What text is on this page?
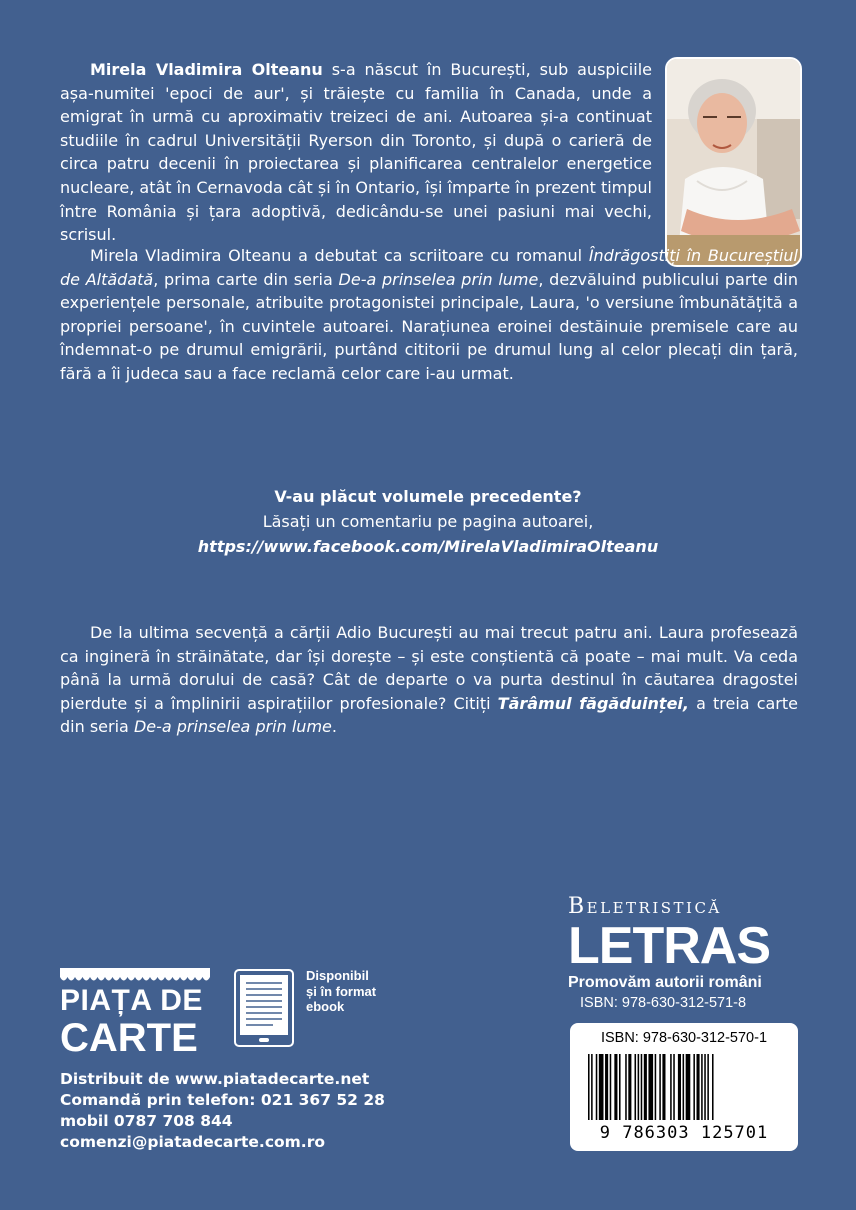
Mirela Vladimira Olteanu s-a născut în București, sub auspiciile așa-numitei 'epoci de aur', și trăiește cu familia în Canada, unde a emigrat în urmă cu aproximativ treizeci de ani. Autoarea și-a continuat studiile în cadrul Universității Ryerson din Toronto, și după o carieră de circa patru decenii în proiectarea și planificarea centralelor energetice nucleare, atât în Cernavoda cât și în Ontario, își împarte în prezent timpul între România și țara adoptivă, dedicându-se unei pasiuni mai vechi, scrisul.

Mirela Vladimira Olteanu a debutat ca scriitoare cu romanul Îndrăgostiți în Bucureștiul de Altădată, prima carte din seria De-a prinselea prin lume, dezvăluind publicului parte din experiențele personale, atribuite protagonistei principale, Laura, 'o versiune îmbunătățită a propriei persoane', în cuvintele autoarei. Narațiunea eroinei destăinuie premisele care au îndemnat-o pe drumul emigrării, purtând cititorii pe drumul lung al celor plecați din țară, fără a îi judeca sau a face reclamă celor care i-au urmat.

V-au plăcut volumele precedente?
Lăsați un comentariu pe pagina autoarei,
https://www.facebook.com/MirelaVladimiraOlteanu

De la ultima secvență a cărții Adio București au mai trecut patru ani. Laura profesează ca ingineră în străinătate, dar își dorește – și este conștientă că poate – mai mult. Va ceda până la urmă dorului de casă? Cât de departe o va purta destinul în căutarea dragostei pierdute și a împlinirii aspirațiilor profesionale? Citiți Tărâmul făgăduinței, a treia carte din seria De-a prinselea prin lume.

PIAȚA DE
CARTE
Disponibil
și în format
ebook
Distribuit de www.piatadecarte.net
Comandă prin telefon: 021 367 52 28
mobil 0787 708 844
comenzi@piatadecarte.com.ro
Beletristică
LETRAS
Promovăm autorii români
ISBN: 978-630-312-571-8
ISBN: 978-630-312-570-1
9 786303 125701
